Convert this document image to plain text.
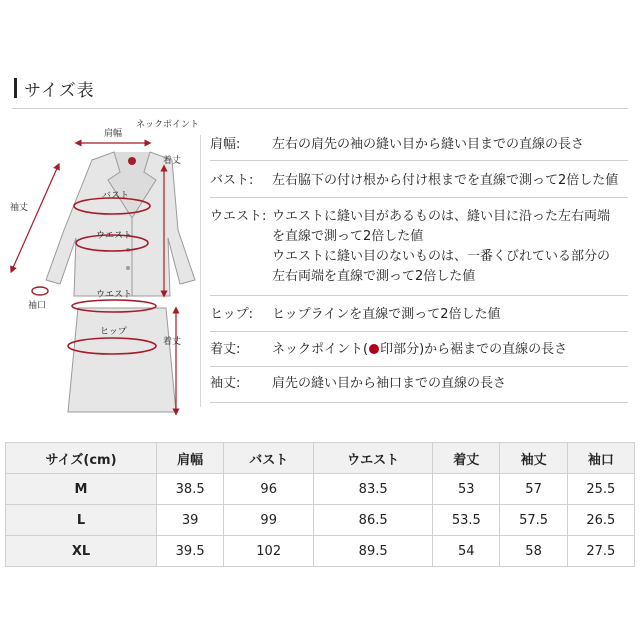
サイズ表
肩幅
ネックポイント
着丈
袖丈
バスト
ウエスト
袖口
ウエスト
ヒップ
着丈
肩幅: 左右の肩先の袖の縫い目から縫い目までの直線の長さ
バスト: 左右脇下の付け根から付け根までを直線で測って2倍した値
ウエスト: ウエストに縫い目があるものは、縫い目に沿った左右両端
を直線で測って2倍した値
ウエストに縫い目のないものは、一番くびれている部分の
左右両端を直線で測って2倍した値
ヒップ: ヒップラインを直線で測って2倍した値
着丈: ネックポイント( 印部分)から裾までの直線の長さ
袖丈: 肩先の縫い目から袖口までの直線の長さ
サイズ(cm)	肩幅	バスト	ウエスト	着丈	袖丈	袖口
M	38.5	96	83.5	53	57	25.5
L	39	99	86.5	53.5	57.5	26.5
XL	39.5	102	89.5	54	58	27.5
